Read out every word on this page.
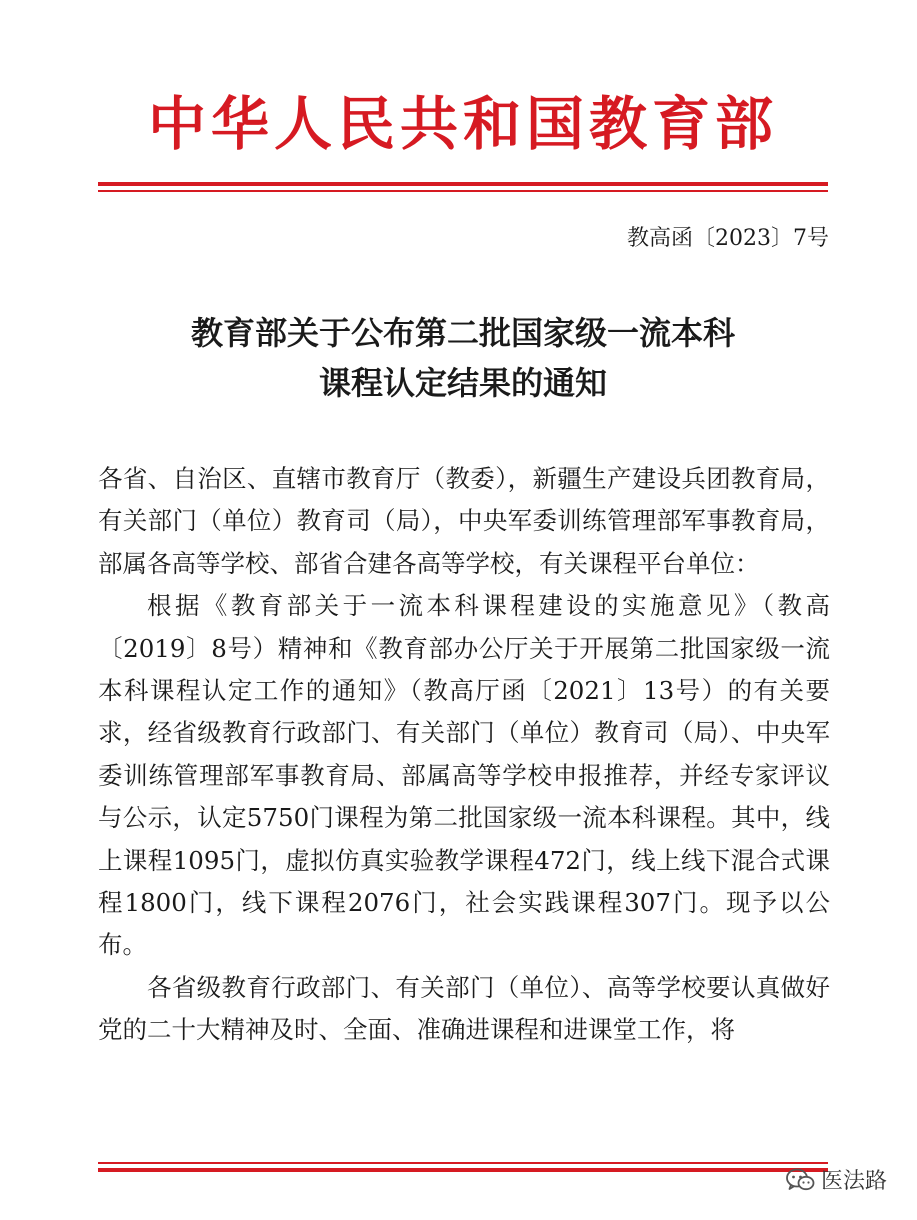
中华人民共和国教育部
教高函〔2023〕7号
教育部关于公布第二批国家级一流本科
课程认定结果的通知

各省、自治区、直辖市教育厅（教委），新疆生产建设兵团教育局，有关部门（单位）教育司（局），中央军委训练管理部军事教育局，部属各高等学校、部省合建各高等学校，有关课程平台单位：

根据《教育部关于一流本科课程建设的实施意见》（教高〔2019〕8号）精神和《教育部办公厅关于开展第二批国家级一流本科课程认定工作的通知》（教高厅函〔2021〕13号）的有关要求，经省级教育行政部门、有关部门（单位）教育司（局）、中央军委训练管理部军事教育局、部属高等学校申报推荐，并经专家评议与公示，认定5750门课程为第二批国家级一流本科课程。其中，线上课程1095门，虚拟仿真实验教学课程472门，线上线下混合式课程1800门，线下课程2076门，社会实践课程307门。现予以公布。

各省级教育行政部门、有关部门（单位）、高等学校要认真做好党的二十大精神及时、全面、准确进课程和进课堂工作，将

医法路
